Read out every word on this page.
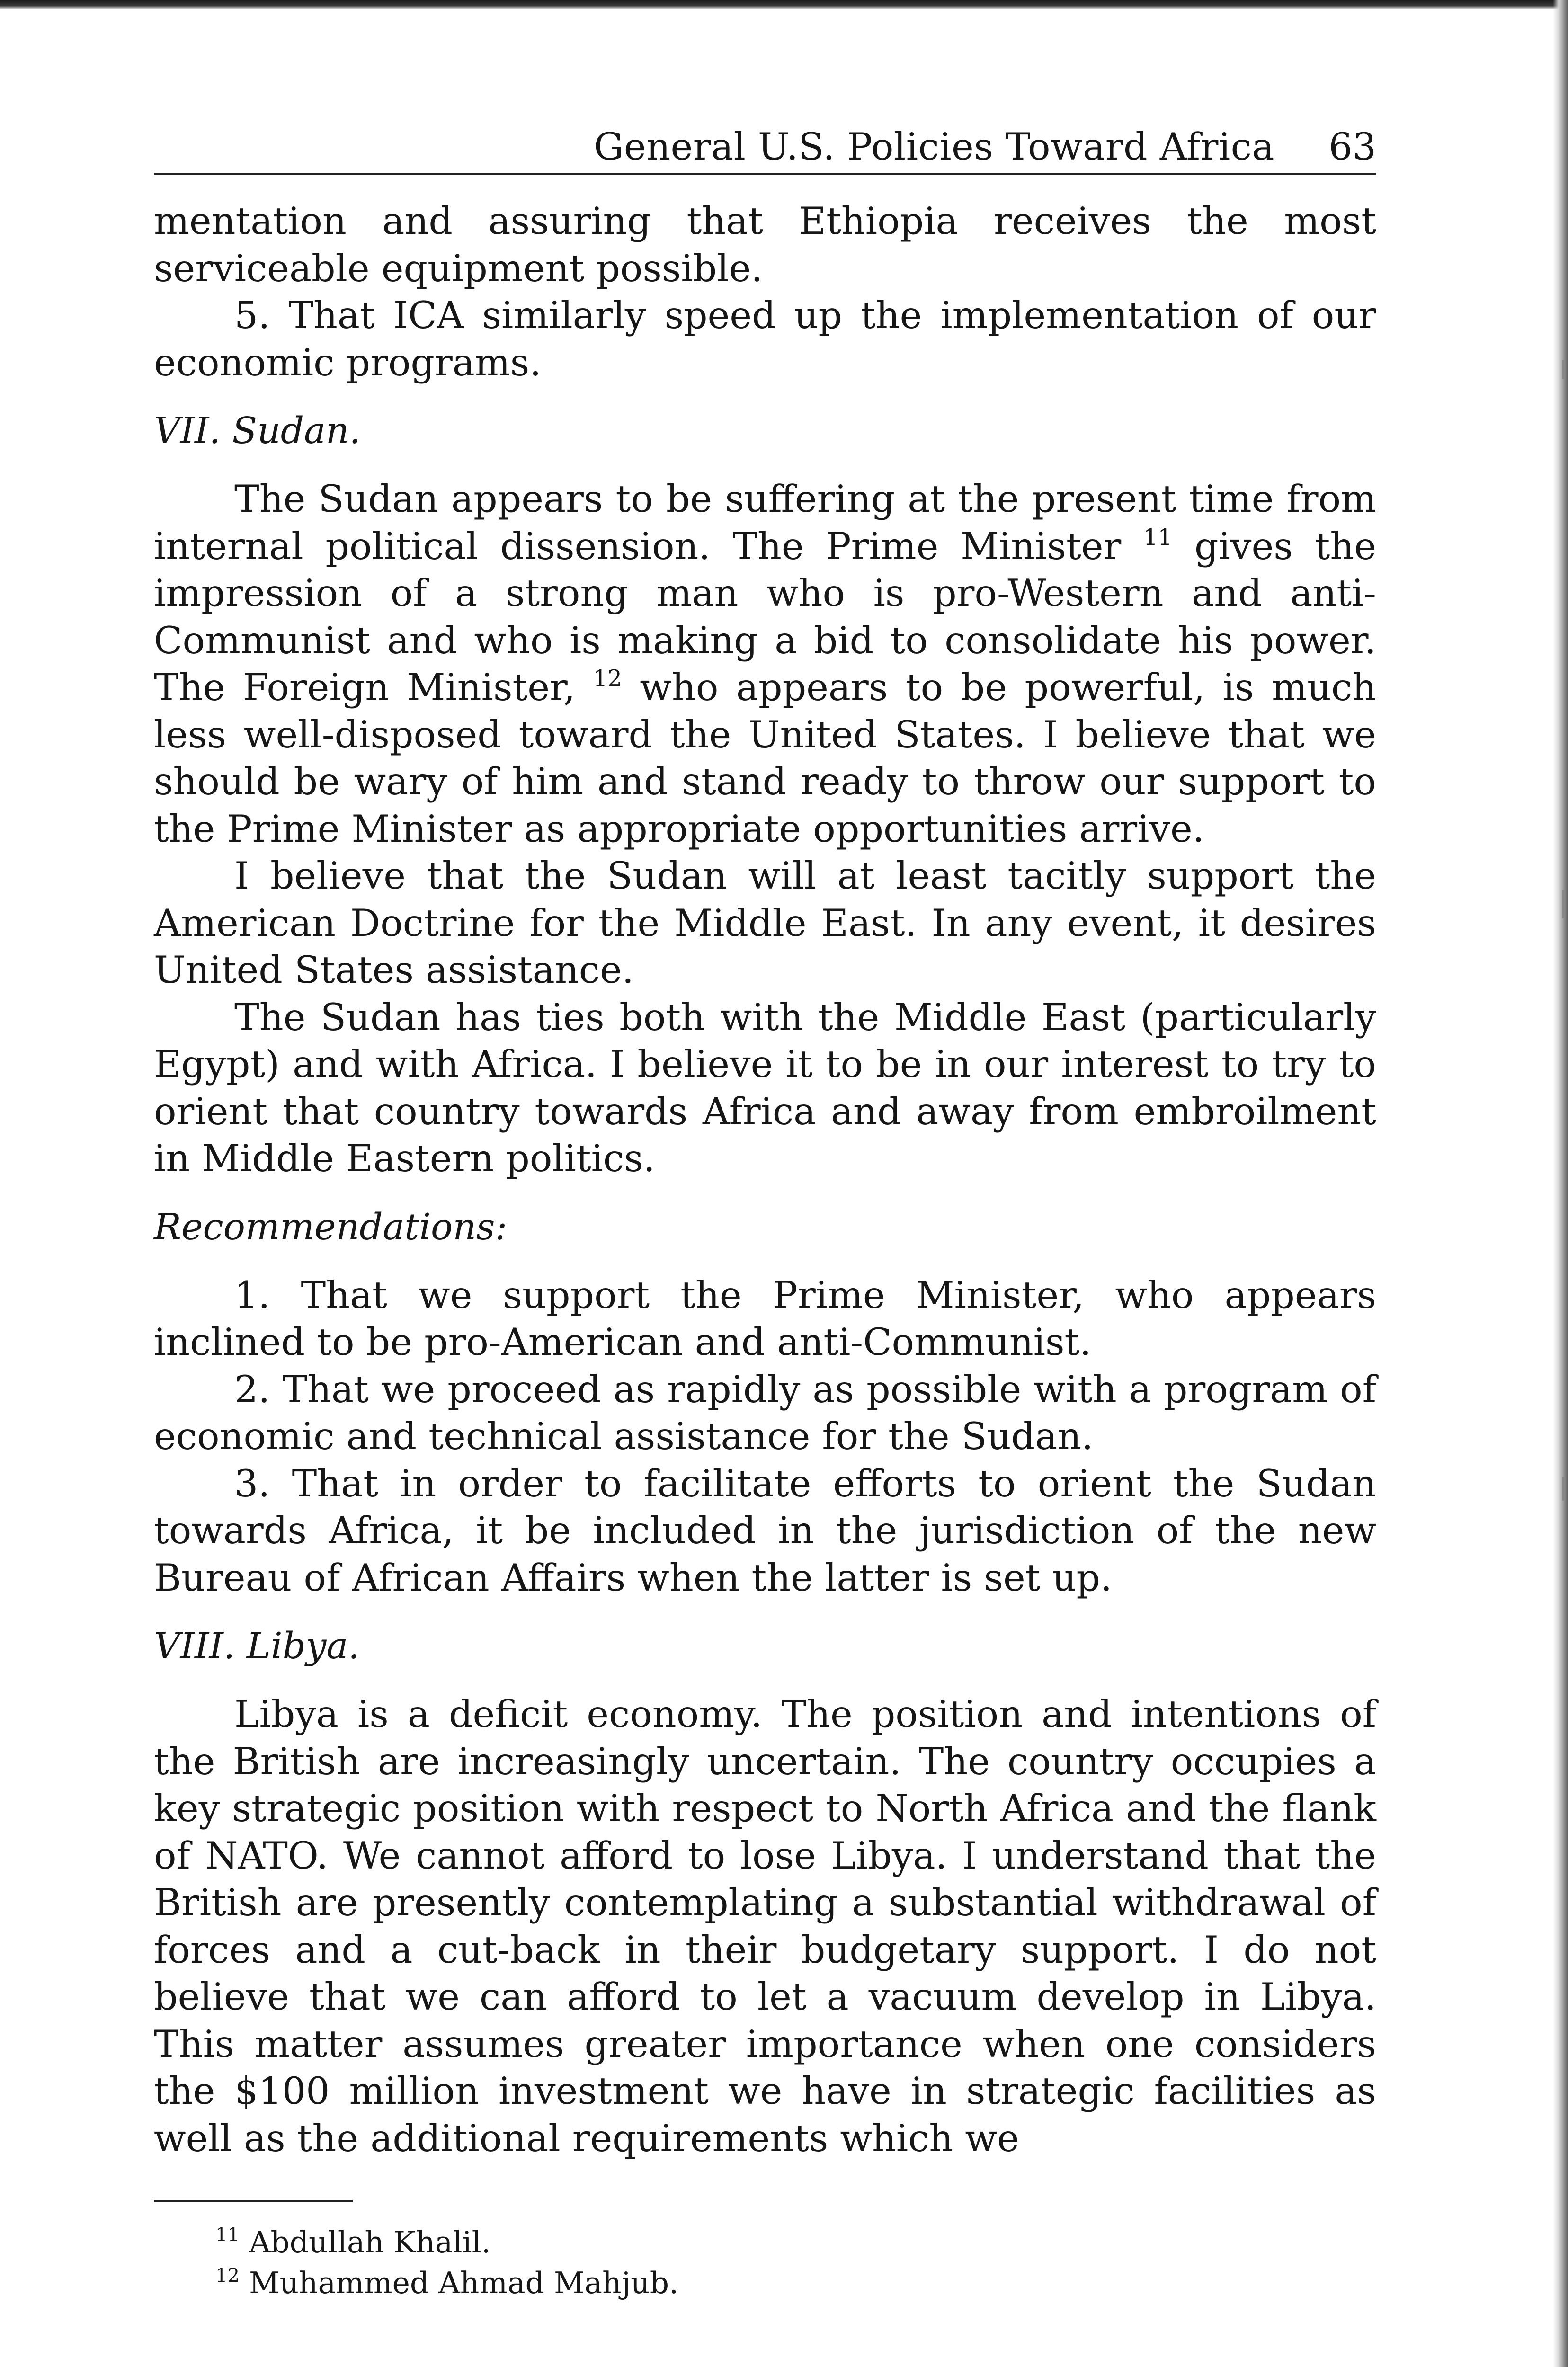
General U.S. Policies Toward Africa 63

mentation and assuring that Ethiopia receives the most serviceable equipment possible.

5. That ICA similarly speed up the implementation of our economic programs.

VII. Sudan.

The Sudan appears to be suffering at the present time from internal political dissension. The Prime Minister $^{11}$ gives the impression of a strong man who is pro-Western and anti-Communist and who is making a bid to consolidate his power. The Foreign Minister, $^{12}$ who appears to be powerful, is much less well-disposed toward the United States. I believe that we should be wary of him and stand ready to throw our support to the Prime Minister as appropriate opportunities arrive.

I believe that the Sudan will at least tacitly support the American Doctrine for the Middle East. In any event, it desires United States assistance.

The Sudan has ties both with the Middle East (particularly Egypt) and with Africa. I believe it to be in our interest to try to orient that country towards Africa and away from embroilment in Middle Eastern politics.

Recommendations:

1. That we support the Prime Minister, who appears inclined to be pro-American and anti-Communist.

2. That we proceed as rapidly as possible with a program of economic and technical assistance for the Sudan.

3. That in order to facilitate efforts to orient the Sudan towards Africa, it be included in the jurisdiction of the new Bureau of African Affairs when the latter is set up.

VIII. Libya.

Libya is a deficit economy. The position and intentions of the British are increasingly uncertain. The country occupies a key strategic position with respect to North Africa and the flank of NATO. We cannot afford to lose Libya. I understand that the British are presently contemplating a substantial withdrawal of forces and a cut-back in their budgetary support. I do not believe that we can afford to let a vacuum develop in Libya. This matter assumes greater importance when one considers the $100 million investment we have in strategic facilities as well as the additional requirements which we

$^{11}$ Abdullah Khalil.
$^{12}$ Muhammed Ahmad Mahjub.
